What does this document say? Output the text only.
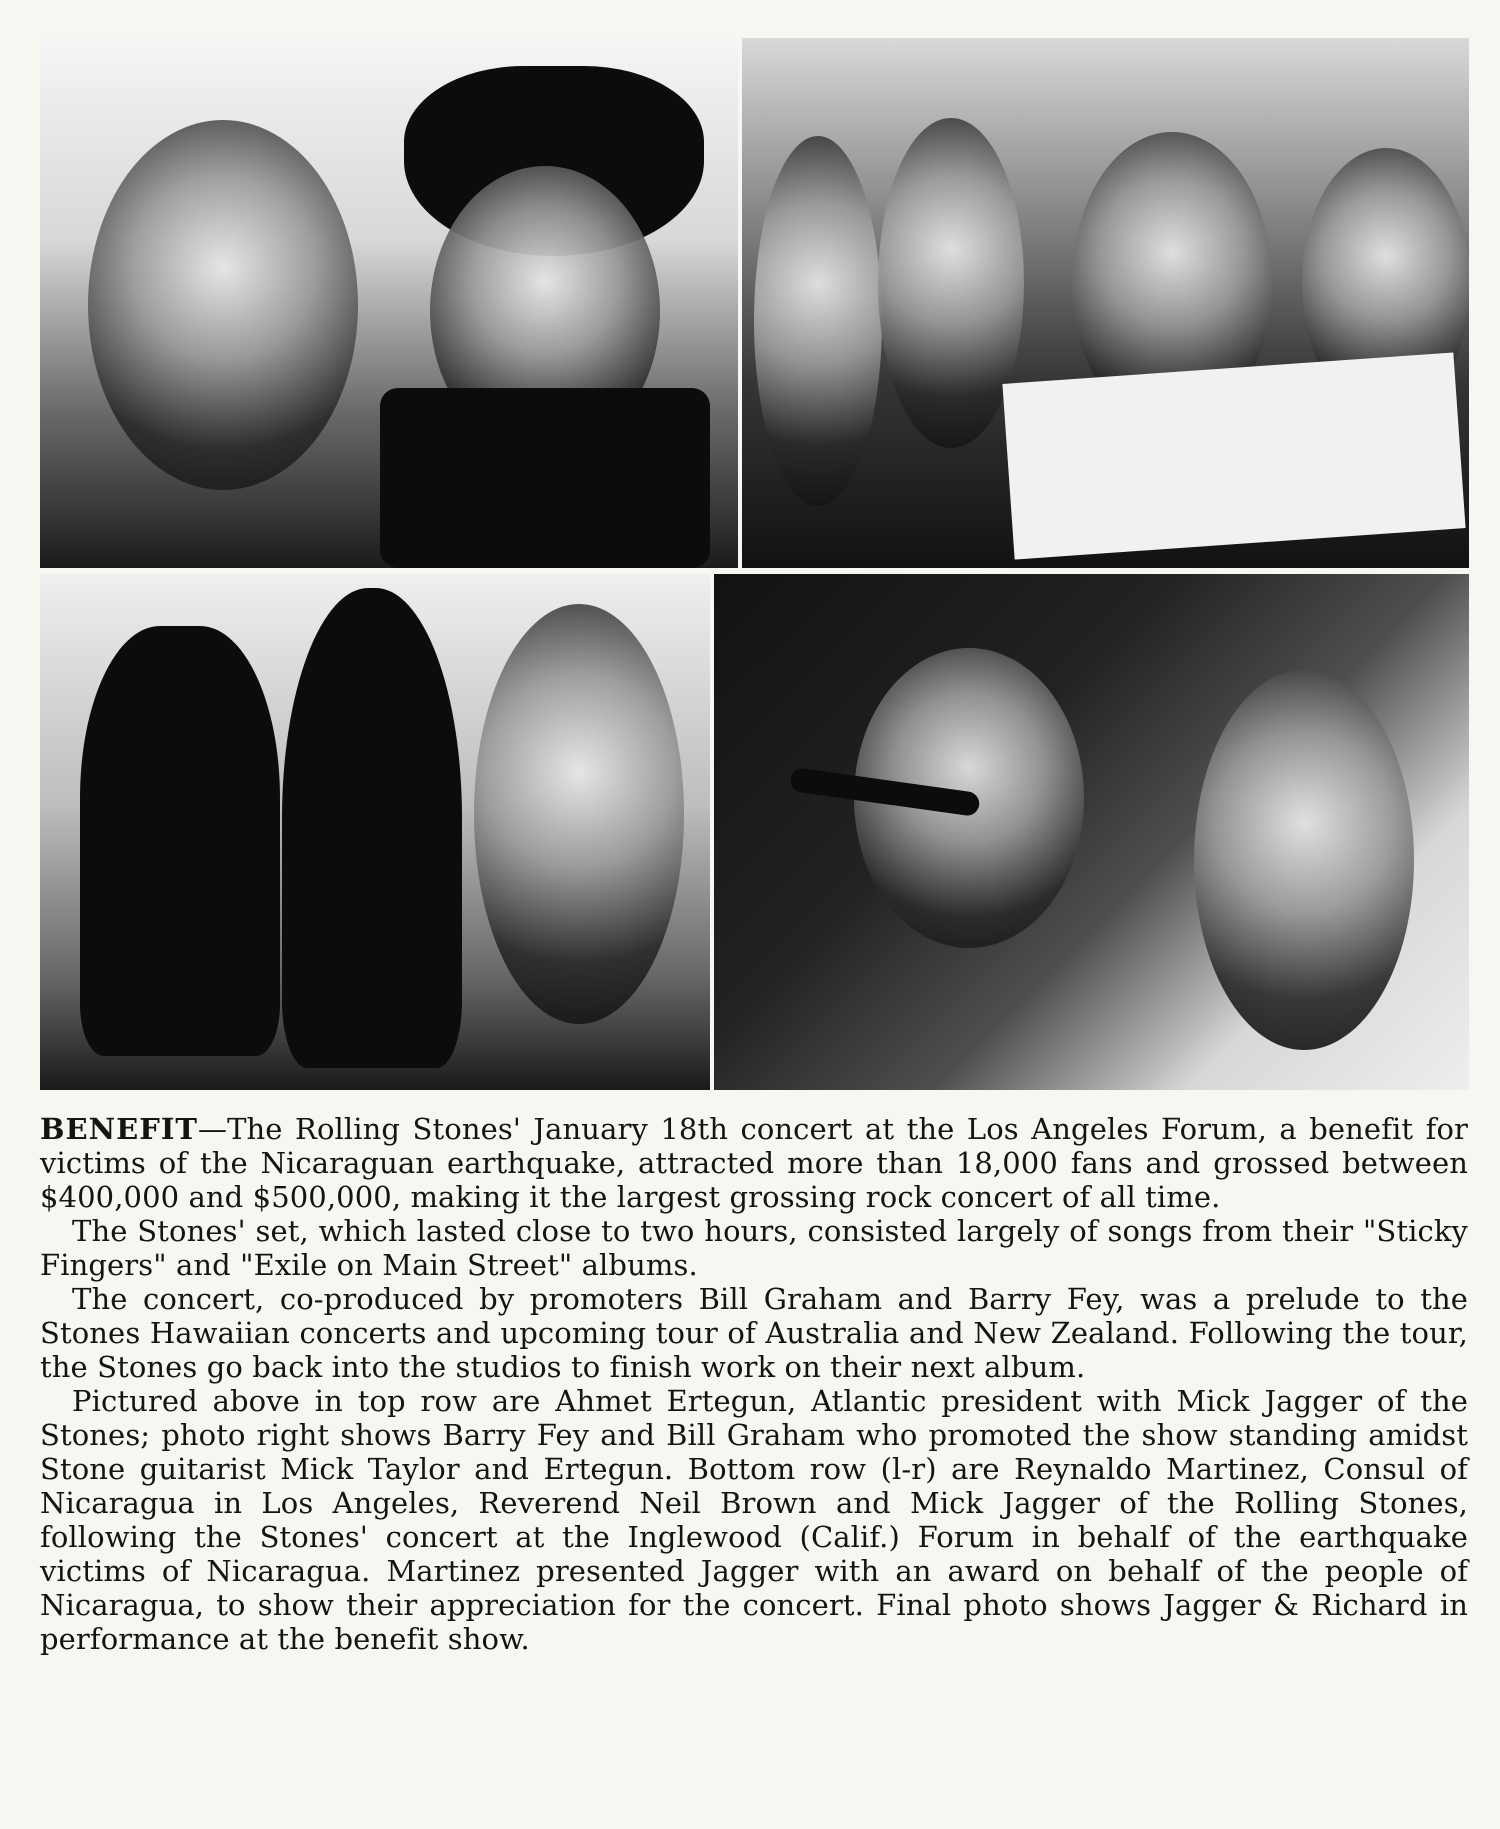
BENEFIT—The Rolling Stones' January 18th concert at the Los Angeles Forum, a benefit for victims of the Nicaraguan earthquake, attracted more than 18,000 fans and grossed between $400,000 and $500,000, making it the largest grossing rock concert of all time.

The Stones' set, which lasted close to two hours, consisted largely of songs from their "Sticky Fingers" and "Exile on Main Street" albums.

The concert, co-produced by promoters Bill Graham and Barry Fey, was a prelude to the Stones Hawaiian concerts and upcoming tour of Australia and New Zealand. Following the tour, the Stones go back into the studios to finish work on their next album.

Pictured above in top row are Ahmet Ertegun, Atlantic president with Mick Jagger of the Stones; photo right shows Barry Fey and Bill Graham who promoted the show standing amidst Stone guitarist Mick Taylor and Ertegun. Bottom row (l-r) are Reynaldo Martinez, Consul of Nicaragua in Los Angeles, Reverend Neil Brown and Mick Jagger of the Rolling Stones, following the Stones' concert at the Inglewood (Calif.) Forum in behalf of the earthquake victims of Nicaragua. Martinez presented Jagger with an award on behalf of the people of Nicaragua, to show their appreciation for the concert. Final photo shows Jagger & Richard in performance at the benefit show.
